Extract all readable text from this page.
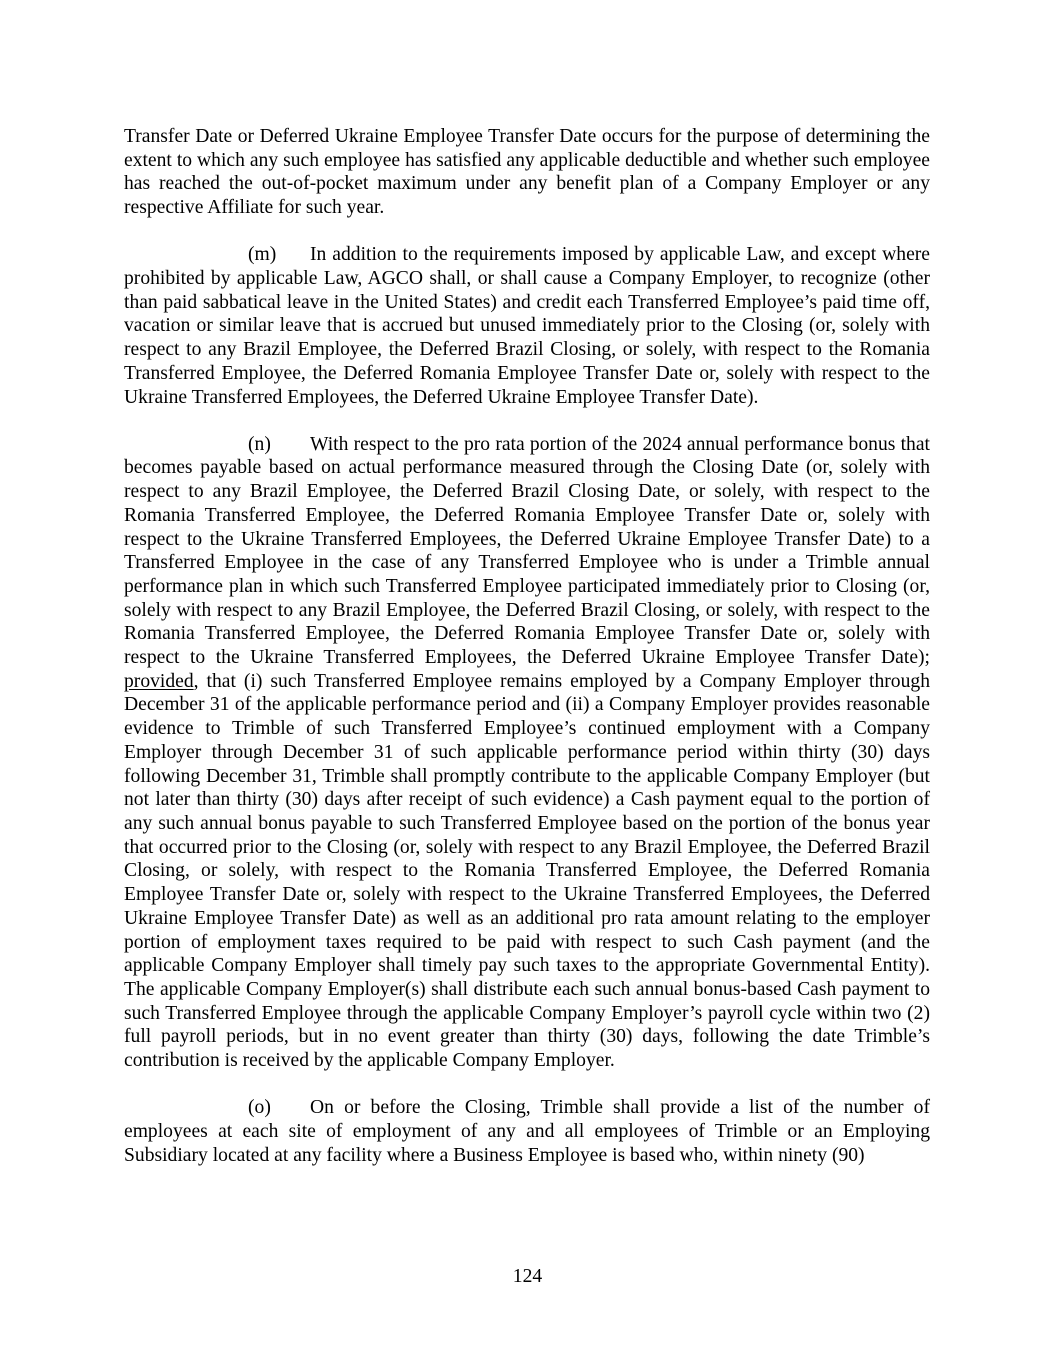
Transfer Date or Deferred Ukraine Employee Transfer Date occurs for the purpose of determining the extent to which any such employee has satisfied any applicable deductible and whether such employee has reached the out-of-pocket maximum under any benefit plan of a Company Employer or any respective Affiliate for such year.

(m) In addition to the requirements imposed by applicable Law, and except where prohibited by applicable Law, AGCO shall, or shall cause a Company Employer, to recognize (other than paid sabbatical leave in the United States) and credit each Transferred Employee’s paid time off, vacation or similar leave that is accrued but unused immediately prior to the Closing (or, solely with respect to any Brazil Employee, the Deferred Brazil Closing, or solely, with respect to the Romania Transferred Employee, the Deferred Romania Employee Transfer Date or, solely with respect to the Ukraine Transferred Employees, the Deferred Ukraine Employee Transfer Date).

(n) With respect to the pro rata portion of the 2024 annual performance bonus that becomes payable based on actual performance measured through the Closing Date (or, solely with respect to any Brazil Employee, the Deferred Brazil Closing Date, or solely, with respect to the Romania Transferred Employee, the Deferred Romania Employee Transfer Date or, solely with respect to the Ukraine Transferred Employees, the Deferred Ukraine Employee Transfer Date) to a Transferred Employee in the case of any Transferred Employee who is under a Trimble annual performance plan in which such Transferred Employee participated immediately prior to Closing (or, solely with respect to any Brazil Employee, the Deferred Brazil Closing, or solely, with respect to the Romania Transferred Employee, the Deferred Romania Employee Transfer Date or, solely with respect to the Ukraine Transferred Employees, the Deferred Ukraine Employee Transfer Date); provided, that (i) such Transferred Employee remains employed by a Company Employer through December 31 of the applicable performance period and (ii) a Company Employer provides reasonable evidence to Trimble of such Transferred Employee’s continued employment with a Company Employer through December 31 of such applicable performance period within thirty (30) days following December 31, Trimble shall promptly contribute to the applicable Company Employer (but not later than thirty (30) days after receipt of such evidence) a Cash payment equal to the portion of any such annual bonus payable to such Transferred Employee based on the portion of the bonus year that occurred prior to the Closing (or, solely with respect to any Brazil Employee, the Deferred Brazil Closing, or solely, with respect to the Romania Transferred Employee, the Deferred Romania Employee Transfer Date or, solely with respect to the Ukraine Transferred Employees, the Deferred Ukraine Employee Transfer Date) as well as an additional pro rata amount relating to the employer portion of employment taxes required to be paid with respect to such Cash payment (and the applicable Company Employer shall timely pay such taxes to the appropriate Governmental Entity). The applicable Company Employer(s) shall distribute each such annual bonus-based Cash payment to such Transferred Employee through the applicable Company Employer’s payroll cycle within two (2) full payroll periods, but in no event greater than thirty (30) days, following the date Trimble’s contribution is received by the applicable Company Employer.

(o) On or before the Closing, Trimble shall provide a list of the number of employees at each site of employment of any and all employees of Trimble or an Employing Subsidiary located at any facility where a Business Employee is based who, within ninety (90)

124
